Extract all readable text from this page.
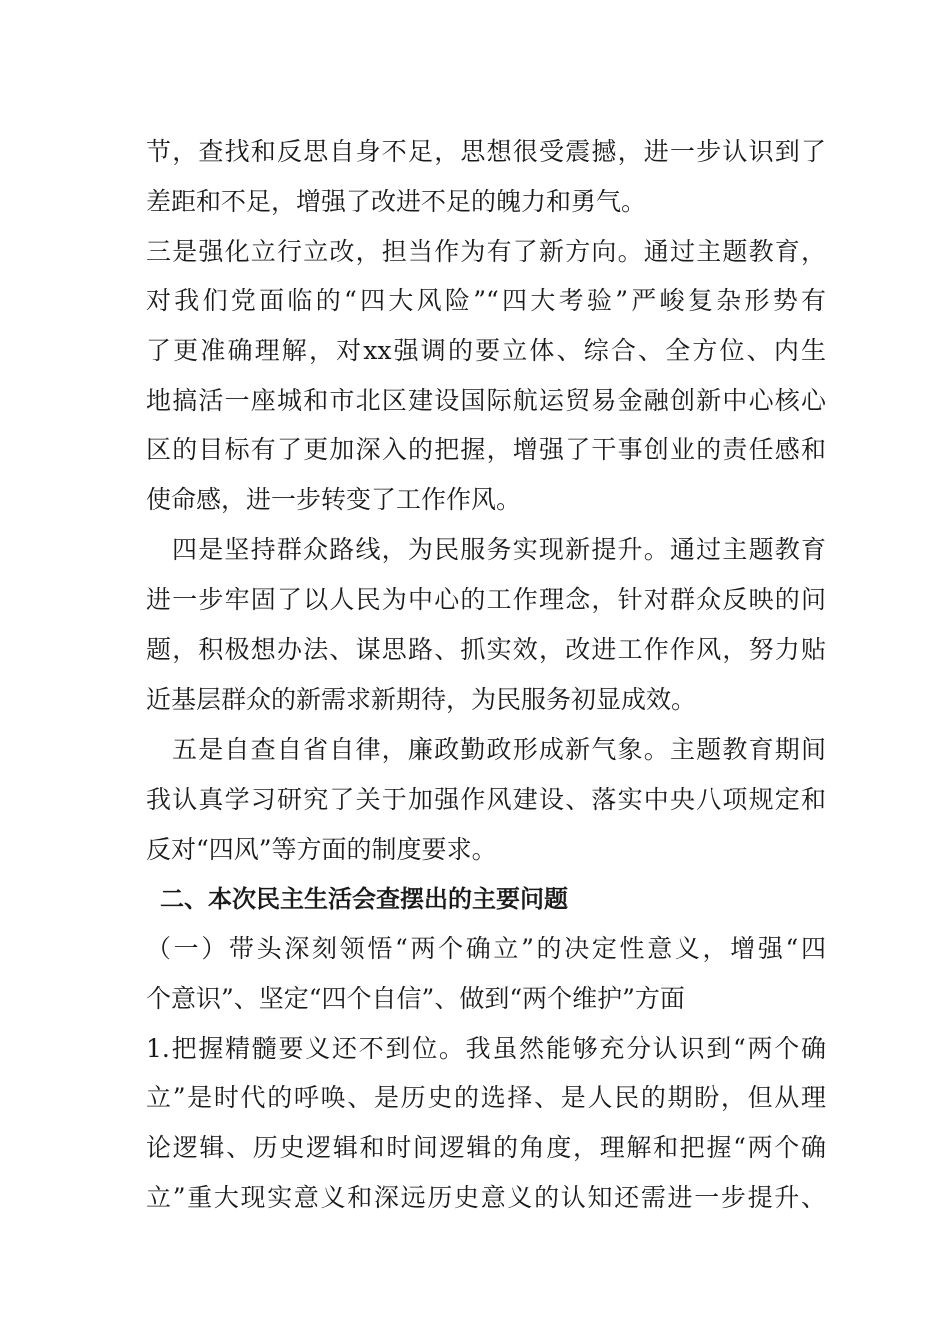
节，查找和反思自身不足，思想很受震撼，进一步认识到了
差距和不足，增强了改进不足的魄力和勇气。
三是强化立行立改，担当作为有了新方向。通过主题教育，
对我们党面临的“四大风险”“四大考验”严峻复杂形势有
了更准确理解，对xx强调的要立体、综合、全方位、内生
地搞活一座城和市北区建设国际航运贸易金融创新中心核心
区的目标有了更加深入的把握，增强了干事创业的责任感和
使命感，进一步转变了工作作风。
四是坚持群众路线，为民服务实现新提升。通过主题教育
进一步牢固了以人民为中心的工作理念，针对群众反映的问
题，积极想办法、谋思路、抓实效，改进工作作风，努力贴
近基层群众的新需求新期待，为民服务初显成效。
五是自查自省自律，廉政勤政形成新气象。主题教育期间
我认真学习研究了关于加强作风建设、落实中央八项规定和
反对“四风”等方面的制度要求。
二、本次民主生活会查摆出的主要问题
（一）带头深刻领悟“两个确立”的决定性意义，增强“四
个意识”、坚定“四个自信”、做到“两个维护”方面
1.把握精髓要义还不到位。我虽然能够充分认识到“两个确
立”是时代的呼唤、是历史的选择、是人民的期盼，但从理
论逻辑、历史逻辑和时间逻辑的角度，理解和把握“两个确
立”重大现实意义和深远历史意义的认知还需进一步提升、
